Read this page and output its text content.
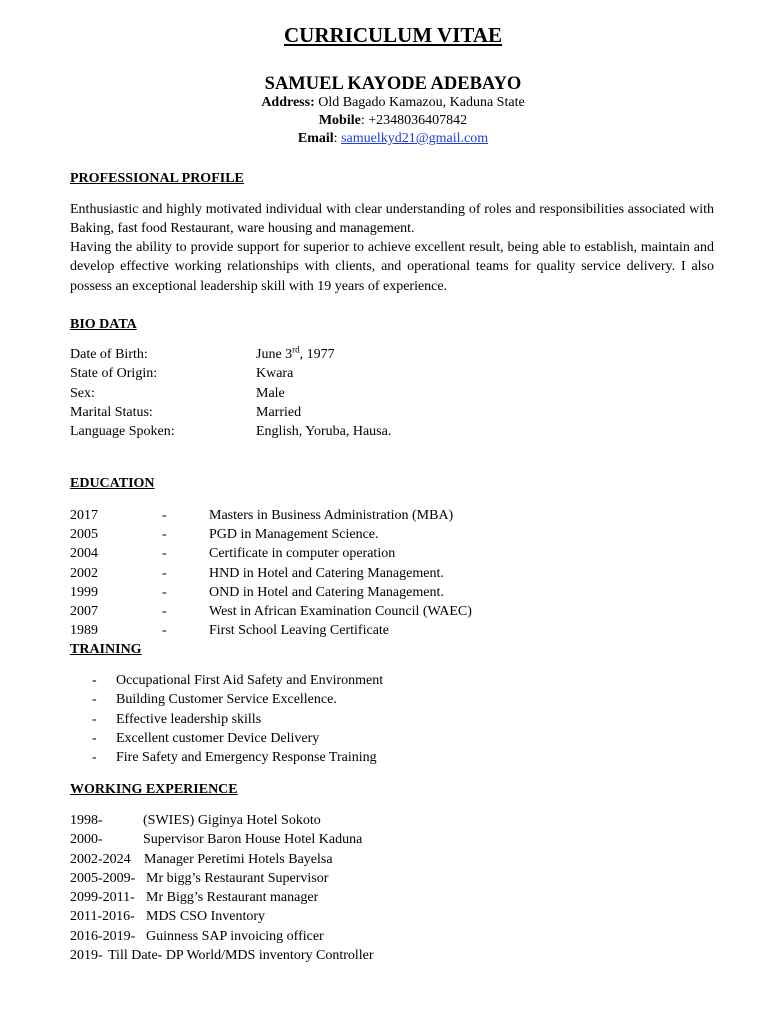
CURRICULUM VITAE
SAMUEL KAYODE ADEBAYO
Address: Old Bagado Kamazou, Kaduna State
Mobile: +2348036407842
Email: samuelkyd21@gmail.com
PROFESSIONAL PROFILE
Enthusiastic and highly motivated individual with clear understanding of roles and responsibilities associated with Baking, fast food Restaurant, ware housing and management.
Having the ability to provide support for superior to achieve excellent result, being able to establish, maintain and develop effective working relationships with clients, and operational teams for quality service delivery. I also possess an exceptional leadership skill with 19 years of experience.
BIO DATA
Date of Birth:	June 3rd, 1977
State of Origin:	Kwara
Sex:	Male
Marital Status:	Married
Language Spoken:	English, Yoruba, Hausa.
EDUCATION
2017	-	Masters in Business Administration (MBA)
2005	-	PGD in Management Science.
2004	-	Certificate in computer operation
2002	-	HND in Hotel and Catering Management.
1999	-	OND in Hotel and Catering Management.
2007	-	West in African Examination Council (WAEC)
1989	-	First School Leaving Certificate
TRAINING
- Occupational First Aid Safety and Environment
- Building Customer Service Excellence.
- Effective leadership skills
- Excellent customer Device Delivery
- Fire Safety and Emergency Response Training
WORKING EXPERIENCE
1998-	(SWIES) Giginya Hotel Sokoto
2000-	Supervisor Baron House Hotel Kaduna
2002-2024 Manager Peretimi Hotels Bayelsa
2005-2009- Mr bigg’s Restaurant Supervisor
2099-2011- Mr Bigg’s Restaurant manager
2011-2016- MDS CSO Inventory
2016-2019- Guinness SAP invoicing officer
2019- Till Date- DP World/MDS inventory Controller
